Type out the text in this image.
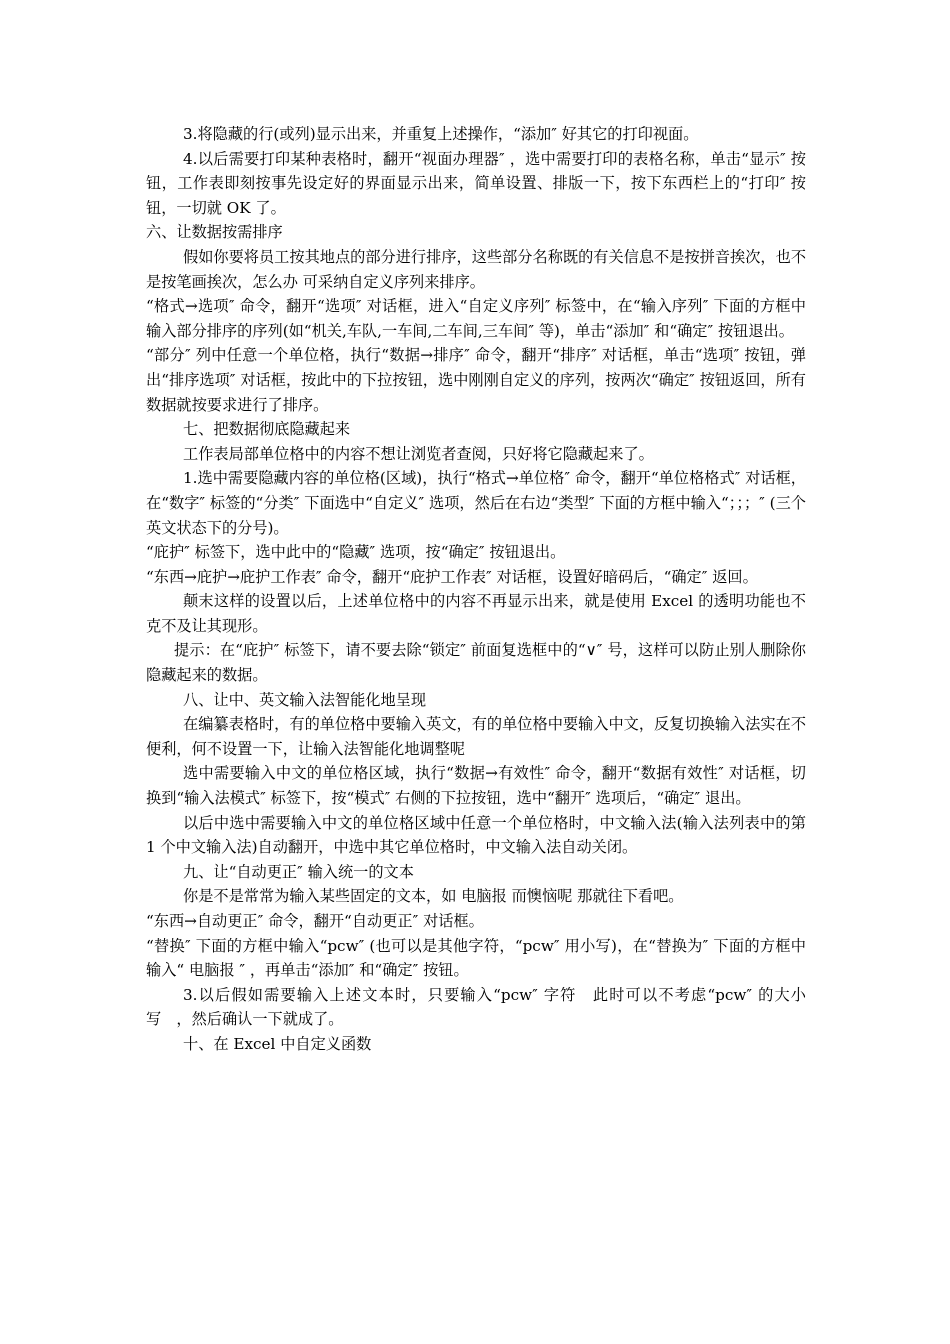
3.将隐藏的行(或列)显示出来，并重复上述操作，“添加″ 好其它的打印视面。

4.以后需要打印某种表格时，翻开“视面办理器″ ，选中需要打印的表格名称，单击“显示″ 按钮，工作表即刻按事先设定好的界面显示出来，简单设置、排版一下，按下东西栏上的“打印″ 按钮，一切就 OK 了。

六、让数据按需排序

假如你要将员工按其地点的部分进行排序，这些部分名称既的有关信息不是按拼音挨次，也不是按笔画挨次，怎么办 可采纳自定义序列来排序。

“格式→选项″ 命令，翻开“选项″ 对话框，进入“自定义序列″ 标签中，在“输入序列″ 下面的方框中输入部分排序的序列(如“机关,车队,一车间,二车间,三车间″ 等)，单击“添加″ 和“确定″ 按钮退出。

“部分″ 列中任意一个单位格，执行“数据→排序″ 命令，翻开“排序″ 对话框，单击“选项″ 按钮，弹出“排序选项″ 对话框，按此中的下拉按钮，选中刚刚自定义的序列，按两次“确定″ 按钮返回，所有数据就按要求进行了排序。

七、把数据彻底隐藏起来

工作表局部单位格中的内容不想让浏览者查阅，只好将它隐藏起来了。

1.选中需要隐藏内容的单位格(区域)，执行“格式→单位格″ 命令，翻开“单位格格式″ 对话框，在“数字″ 标签的“分类″ 下面选中“自定义″ 选项，然后在右边“类型″ 下面的方框中输入“；；；″ (三个英文状态下的分号)。

“庇护″ 标签下，选中此中的“隐藏″ 选项，按“确定″ 按钮退出。

“东西→庇护→庇护工作表″ 命令，翻开“庇护工作表″ 对话框，设置好暗码后，“确定″ 返回。

颠末这样的设置以后，上述单位格中的内容不再显示出来，就是使用 Excel 的透明功能也不克不及让其现形。

提示：在“庇护″ 标签下，请不要去除“锁定″ 前面复选框中的“∨″ 号，这样可以防止别人删除你隐藏起来的数据。

八、让中、英文输入法智能化地呈现

在编纂表格时，有的单位格中要输入英文，有的单位格中要输入中文，反复切换输入法实在不便利，何不设置一下，让输入法智能化地调整呢

选中需要输入中文的单位格区域，执行“数据→有效性″ 命令，翻开“数据有效性″ 对话框，切换到“输入法模式″ 标签下，按“模式″ 右侧的下拉按钮，选中“翻开″ 选项后，“确定″ 退出。

以后中选中需要输入中文的单位格区域中任意一个单位格时，中文输入法(输入法列表中的第 1 个中文输入法)自动翻开，中选中其它单位格时，中文输入法自动关闭。

九、让“自动更正″ 输入统一的文本

你是不是常常为输入某些固定的文本，如 电脑报 而懊恼呢 那就往下看吧。

“东西→自动更正″ 命令，翻开“自动更正″ 对话框。

“替换″ 下面的方框中输入“pcw″ (也可以是其他字符，“pcw″ 用小写)，在“替换为″ 下面的方框中输入“ 电脑报 ″ ，再单击“添加″ 和“确定″ 按钮。

3.以后假如需要输入上述文本时，只要输入“pcw″ 字符　此时可以不考虑“pcw″ 的大小写　，然后确认一下就成了。

十、在 Excel 中自定义函数
